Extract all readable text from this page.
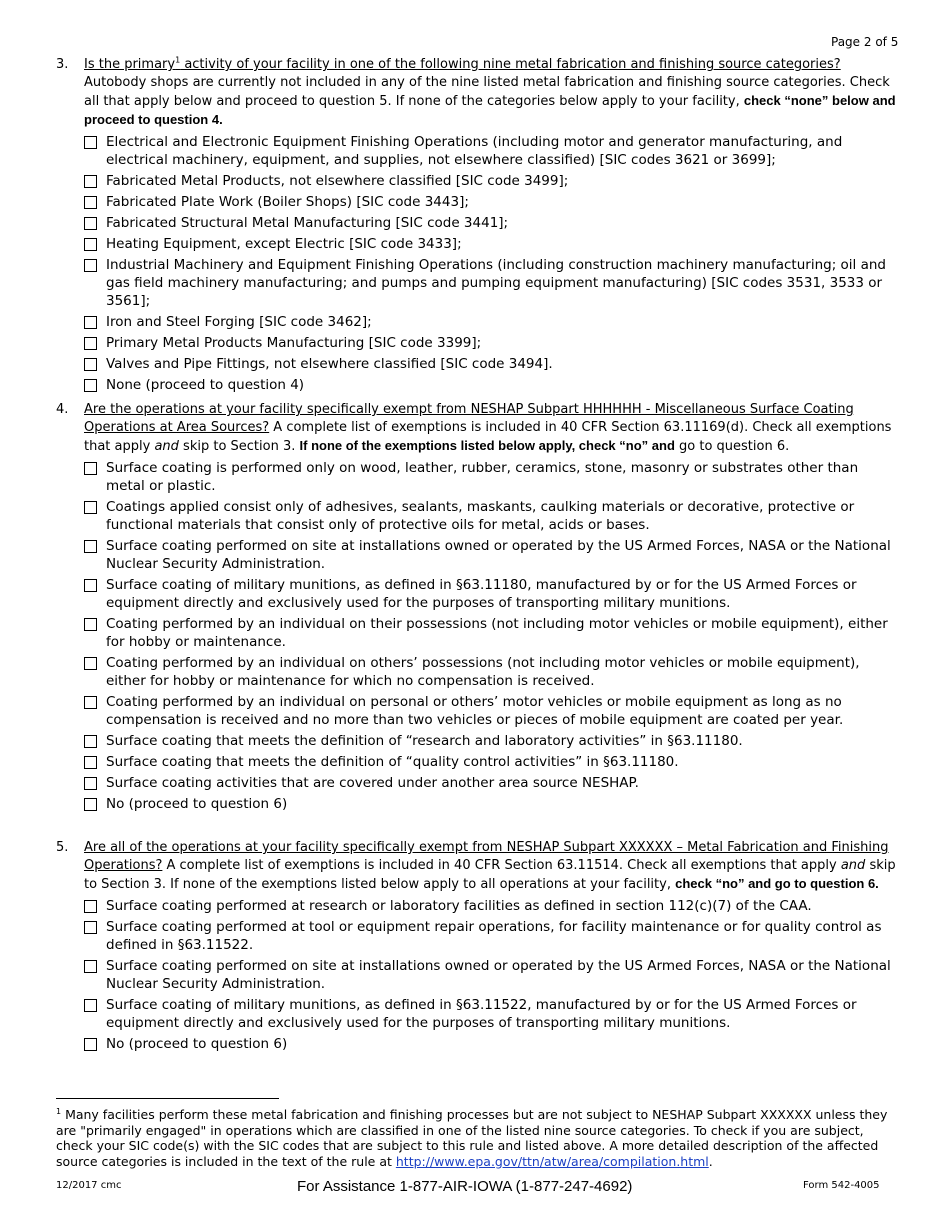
Page 2 of 5
3. Is the primary$^1$ activity of your facility in one of the following nine metal fabrication and finishing source categories? Autobody shops are currently not included in any of the nine listed metal fabrication and finishing source categories. Check all that apply below and proceed to question 5. If none of the categories below apply to your facility, check “none” below and proceed to question 4.
Electrical and Electronic Equipment Finishing Operations (including motor and generator manufacturing, and electrical machinery, equipment, and supplies, not elsewhere classified) [SIC codes 3621 or 3699];
Fabricated Metal Products, not elsewhere classified [SIC code 3499];
Fabricated Plate Work (Boiler Shops) [SIC code 3443];
Fabricated Structural Metal Manufacturing [SIC code 3441];
Heating Equipment, except Electric [SIC code 3433];
Industrial Machinery and Equipment Finishing Operations (including construction machinery manufacturing; oil and gas field machinery manufacturing; and pumps and pumping equipment manufacturing) [SIC codes 3531, 3533 or 3561];
Iron and Steel Forging [SIC code 3462];
Primary Metal Products Manufacturing [SIC code 3399];
Valves and Pipe Fittings, not elsewhere classified [SIC code 3494].
None (proceed to question 4)
4. Are the operations at your facility specifically exempt from NESHAP Subpart HHHHHH - Miscellaneous Surface Coating Operations at Area Sources? A complete list of exemptions is included in 40 CFR Section 63.11169(d). Check all exemptions that apply and skip to Section 3. If none of the exemptions listed below apply, check “no” and go to question 6.
Surface coating is performed only on wood, leather, rubber, ceramics, stone, masonry or substrates other than metal or plastic.
Coatings applied consist only of adhesives, sealants, maskants, caulking materials or decorative, protective or functional materials that consist only of protective oils for metal, acids or bases.
Surface coating performed on site at installations owned or operated by the US Armed Forces, NASA or the National Nuclear Security Administration.
Surface coating of military munitions, as defined in §63.11180, manufactured by or for the US Armed Forces or equipment directly and exclusively used for the purposes of transporting military munitions.
Coating performed by an individual on their possessions (not including motor vehicles or mobile equipment), either for hobby or maintenance.
Coating performed by an individual on others’ possessions (not including motor vehicles or mobile equipment), either for hobby or maintenance for which no compensation is received.
Coating performed by an individual on personal or others’ motor vehicles or mobile equipment as long as no compensation is received and no more than two vehicles or pieces of mobile equipment are coated per year.
Surface coating that meets the definition of “research and laboratory activities” in §63.11180.
Surface coating that meets the definition of “quality control activities” in §63.11180.
Surface coating activities that are covered under another area source NESHAP.
No (proceed to question 6)
5. Are all of the operations at your facility specifically exempt from NESHAP Subpart XXXXXX – Metal Fabrication and Finishing Operations? A complete list of exemptions is included in 40 CFR Section 63.11514. Check all exemptions that apply and skip to Section 3. If none of the exemptions listed below apply to all operations at your facility, check “no” and go to question 6.
Surface coating performed at research or laboratory facilities as defined in section 112(c)(7) of the CAA.
Surface coating performed at tool or equipment repair operations, for facility maintenance or for quality control as defined in §63.11522.
Surface coating performed on site at installations owned or operated by the US Armed Forces, NASA or the National Nuclear Security Administration.
Surface coating of military munitions, as defined in §63.11522, manufactured by or for the US Armed Forces or equipment directly and exclusively used for the purposes of transporting military munitions.
No (proceed to question 6)
$^1$ Many facilities perform these metal fabrication and finishing processes but are not subject to NESHAP Subpart XXXXXX unless they are "primarily engaged" in operations which are classified in one of the listed nine source categories. To check if you are subject, check your SIC code(s) with the SIC codes that are subject to this rule and listed above. A more detailed description of the affected source categories is included in the text of the rule at http://www.epa.gov/ttn/atw/area/compilation.html.
12/2017 cmc	For Assistance 1-877-AIR-IOWA (1-877-247-4692)	Form 542-4005
